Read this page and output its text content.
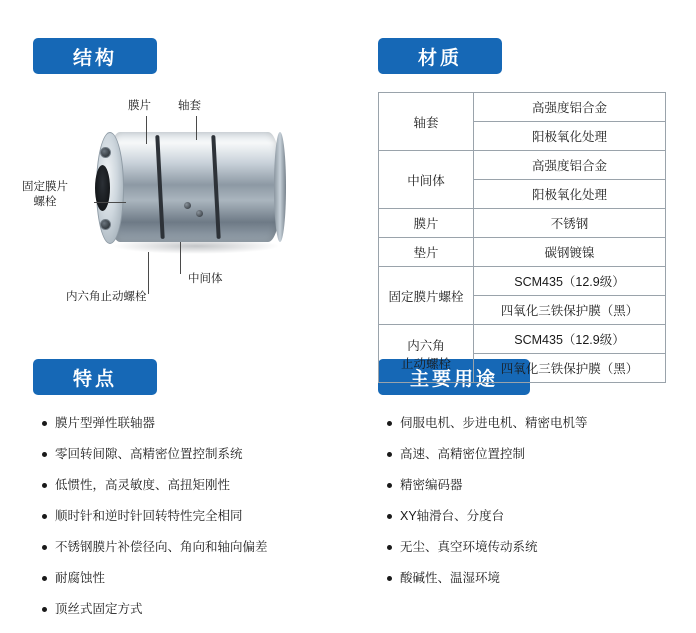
结构	材质
特点	主要用途
膜片 轴套
固定膜片
螺栓
中间体
内六角止动螺栓
轴套	高强度铝合金
	阳极氧化处理
中间体	高强度铝合金
	阳极氧化处理
膜片	不锈钢
垫片	碳钢镀镍
固定膜片螺栓	SCM435（12.9级）
	四氧化三铁保护膜（黑）

内六角
止动螺栓	SCM435（12.9级）
	四氧化三铁保护膜（黑）
膜片型弹性联轴器
零回转间隙、高精密位置控制系统
低惯性，高灵敏度、高扭矩刚性
顺时针和逆时针回转特性完全相同
不锈钢膜片补偿径向、角向和轴向偏差
耐腐蚀性
顶丝式固定方式
伺服电机、步进电机、精密电机等
高速、高精密位置控制
精密编码器
XY轴滑台、分度台
无尘、真空环境传动系统
酸碱性、温湿环境
